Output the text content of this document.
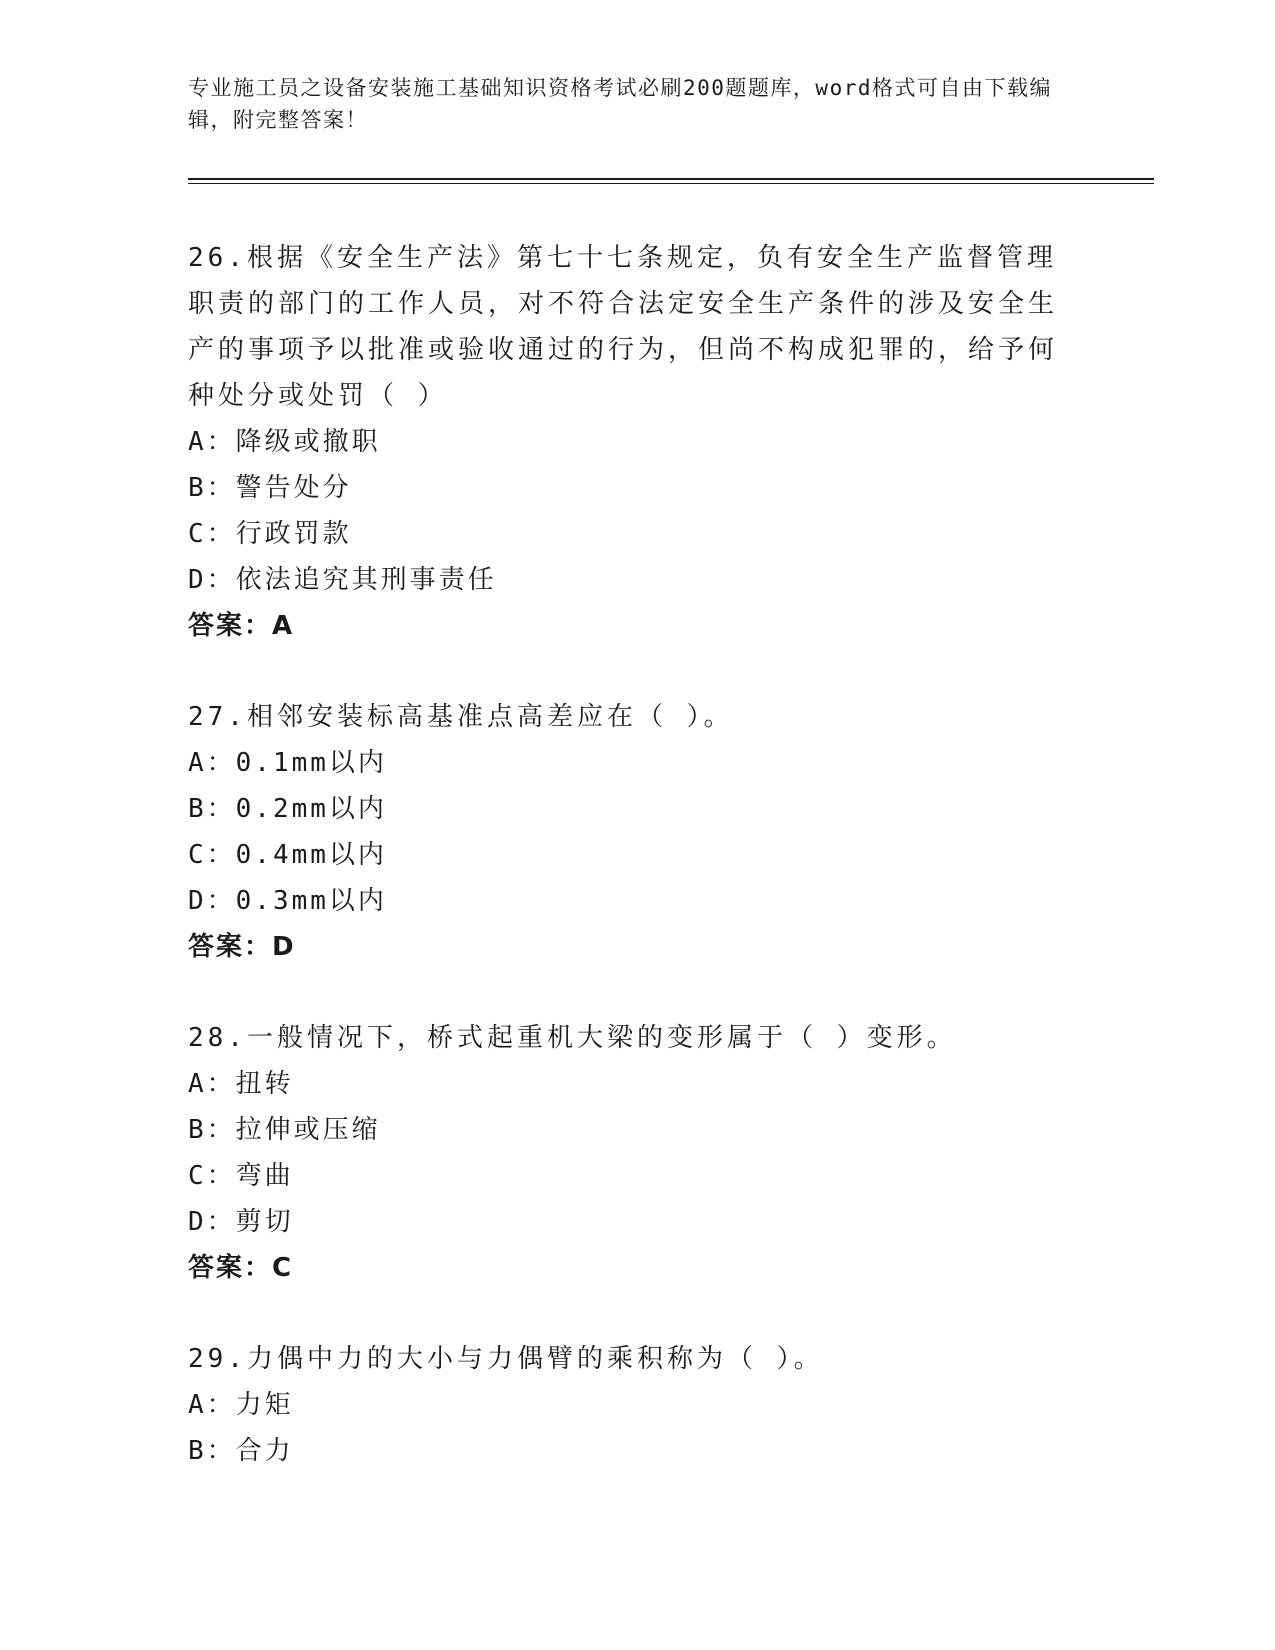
专业施工员之设备安装施工基础知识资格考试必刷200题题库，word格式可自由下载编辑，附完整答案！
26.根据《安全生产法》第七十七条规定，负有安全生产监督管理职责的部门的工作人员，对不符合法定安全生产条件的涉及安全生产的事项予以批准或验收通过的行为，但尚不构成犯罪的，给予何种处分或处罚（ ）
A：降级或撤职
B：警告处分
C：行政罚款
D：依法追究其刑事责任
答案：A
27.相邻安装标高基准点高差应在（ ）。
A：0.1mm以内
B：0.2mm以内
C：0.4mm以内
D：0.3mm以内
答案：D
28.一般情况下，桥式起重机大梁的变形属于（ ）变形。
A：扭转
B：拉伸或压缩
C：弯曲
D：剪切
答案：C
29.力偶中力的大小与力偶臂的乘积称为（ ）。
A：力矩
B：合力
